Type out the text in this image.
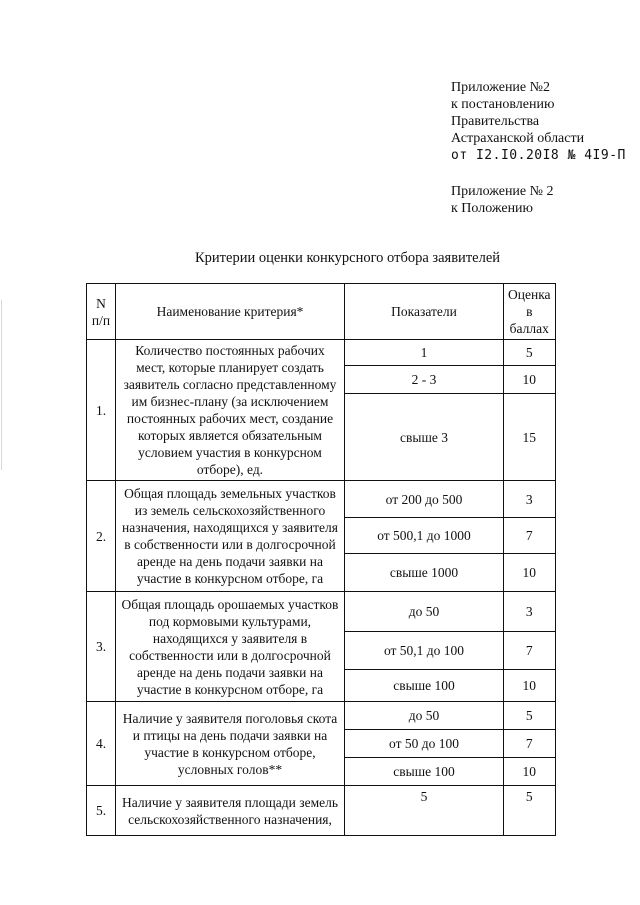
Приложение №2
к постановлению
Правительства
Астраханской области
от I2.I0.20I8 № 4I9-П
Приложение № 2
к Положению
Критерии оценки конкурсного отбора заявителей
N п/п	Наименование критерия*	Показатели	Оценка в баллах
1.	Количество постоянных рабочих мест, которые планирует создать заявитель согласно представленному им бизнес-плану (за исключением постоянных рабочих мест, создание которых является обязательным условием участия в конкурсном отборе), ед.	1	5
		2 - 3	10
		свыше 3	15
2.	Общая площадь земельных участков из земель сельскохозяйственного назначения, находящихся у заявителя в собственности или в долгосрочной аренде на день подачи заявки на участие в конкурсном отборе, га	от 200 до 500	3
		от 500,1 до 1000	7
		свыше 1000	10
3.	Общая площадь орошаемых участков под кормовыми культурами, находящихся у заявителя в собственности или в долгосрочной аренде на день подачи заявки на участие в конкурсном отборе, га	до 50	3
		от 50,1 до 100	7
		свыше 100	10
4.	Наличие у заявителя поголовья скота и птицы на день подачи заявки на участие в конкурсном отборе, условных голов**	до 50	5
		от 50 до 100	7
		свыше 100	10
5.	Наличие у заявителя площади земель сельскохозяйственного назначения,	5	5
